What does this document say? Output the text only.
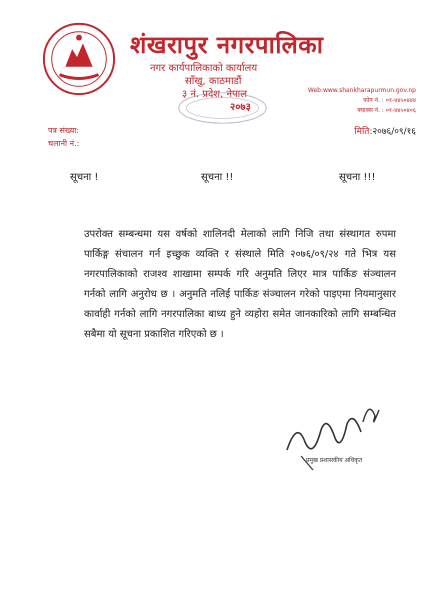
शंखरापुर नगरपालिका
नगर कार्यपालिकाको कार्यालय
साँखु, काठमाडौं
३ नं. प्रदेश, नेपाल
२०७३
Web:www.shankharapurmun.gov.np
फोन नं. : ०१-४४५०४४४
फ्याक्स नं. : ०१-४४५०४०६
पत्र संख्या:
चलानी नं.:
मिति:२०७६/०९/१६
सूचना !	सूचना !!	सूचना !!!

उपरोक्त सम्बन्धमा यस वर्षको शालिनदी मेलाको लागि निजि तथा संस्थागत रुपमा पार्किङ्ग संचालन गर्न इच्छुक व्यक्ति र संस्थाले मिति २०७६/०९/२४ गते भित्र यस नगरपालिकाको राजश्व शाखामा सम्पर्क गरि अनुमति लिएर मात्र पार्किङ संञ्चालन गर्नको लागि अनुरोध छ । अनुमति नलिई पार्किङ संञ्चालन गरेको पाइएमा नियमानुसार कार्वाही गर्नको लागि नगरपालिका बाध्य हुने व्यहोरा समेत जानकारिको लागि सम्बन्धित सबैमा यो सूचना प्रकाशित गरिएको छ ।

प्रमुख प्रशासकीय अधिकृत
